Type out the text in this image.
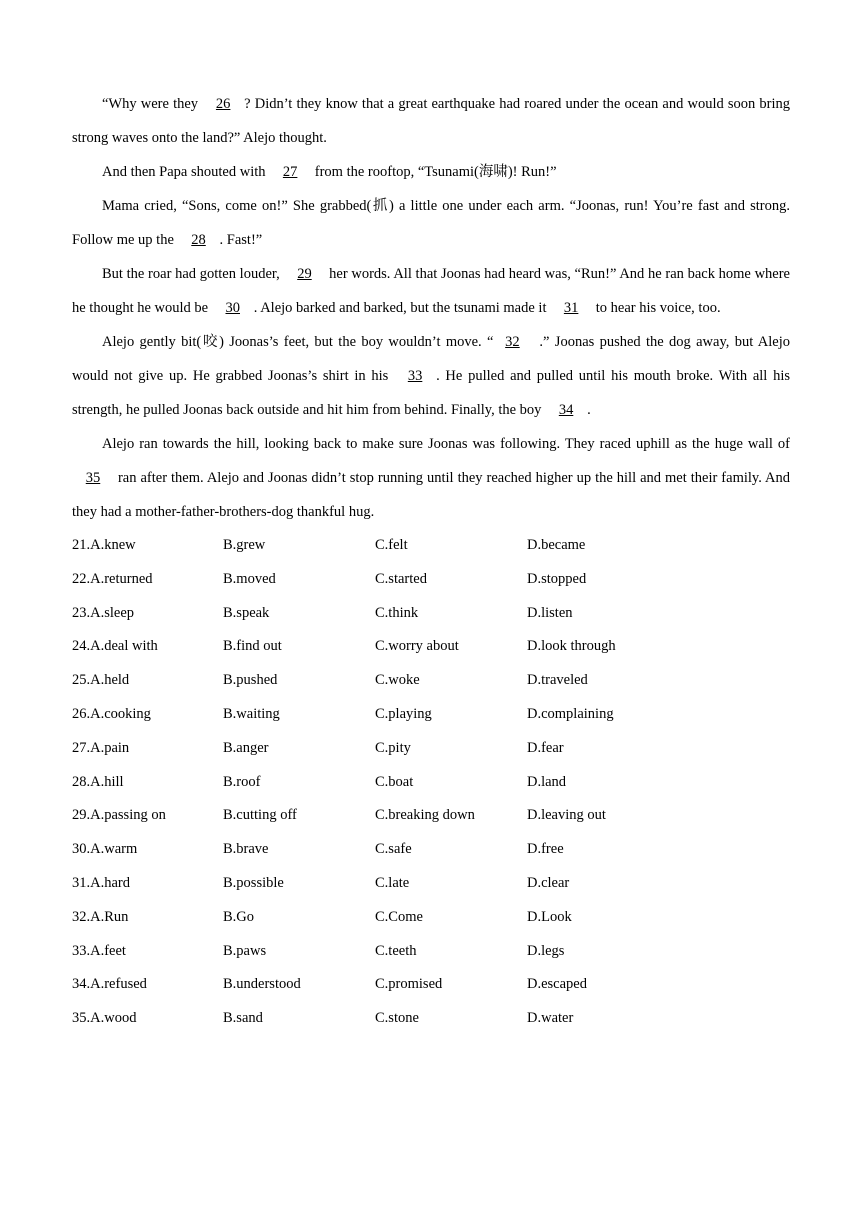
“Why were they 26 ? Didn’t they know that a great earthquake had roared under the ocean and would soon bring strong waves onto the land?” Alejo thought.

And then Papa shouted with 27 from the rooftop, “Tsunami(海啸)! Run!”

Mama cried, “Sons, come on!” She grabbed(抓) a little one under each arm. “Joonas, run! You’re fast and strong. Follow me up the 28 . Fast!”

But the roar had gotten louder, 29 her words. All that Joonas had heard was, “Run!” And he ran back home where he thought he would be 30 . Alejo barked and barked, but the tsunami made it 31 to hear his voice, too.

Alejo gently bit(咬) Joonas’s feet, but the boy wouldn’t move. “ 32 .” Joonas pushed the dog away, but Alejo would not give up. He grabbed Joonas’s shirt in his 33 . He pulled and pulled until his mouth broke. With all his strength, he pulled Joonas back outside and hit him from behind. Finally, the boy 34 .

Alejo ran towards the hill, looking back to make sure Joonas was following. They raced uphill as the huge wall of 35 ran after them. Alejo and Joonas didn’t stop running until they reached higher up the hill and met their family. And they had a mother-father-brothers-dog thankful hug.

21.A.knew	B.grew	C.felt	D.became
22.A.returned	B.moved	C.started	D.stopped
23.A.sleep	B.speak	C.think	D.listen
24.A.deal with	B.find out	C.worry about	D.look through
25.A.held	B.pushed	C.woke	D.traveled
26.A.cooking	B.waiting	C.playing	D.complaining
27.A.pain	B.anger	C.pity	D.fear
28.A.hill	B.roof	C.boat	D.land
29.A.passing on	B.cutting off	C.breaking down	D.leaving out
30.A.warm	B.brave	C.safe	D.free
31.A.hard	B.possible	C.late	D.clear
32.A.Run	B.Go	C.Come	D.Look
33.A.feet	B.paws	C.teeth	D.legs
34.A.refused	B.understood	C.promised	D.escaped
35.A.wood	B.sand	C.stone	D.water
